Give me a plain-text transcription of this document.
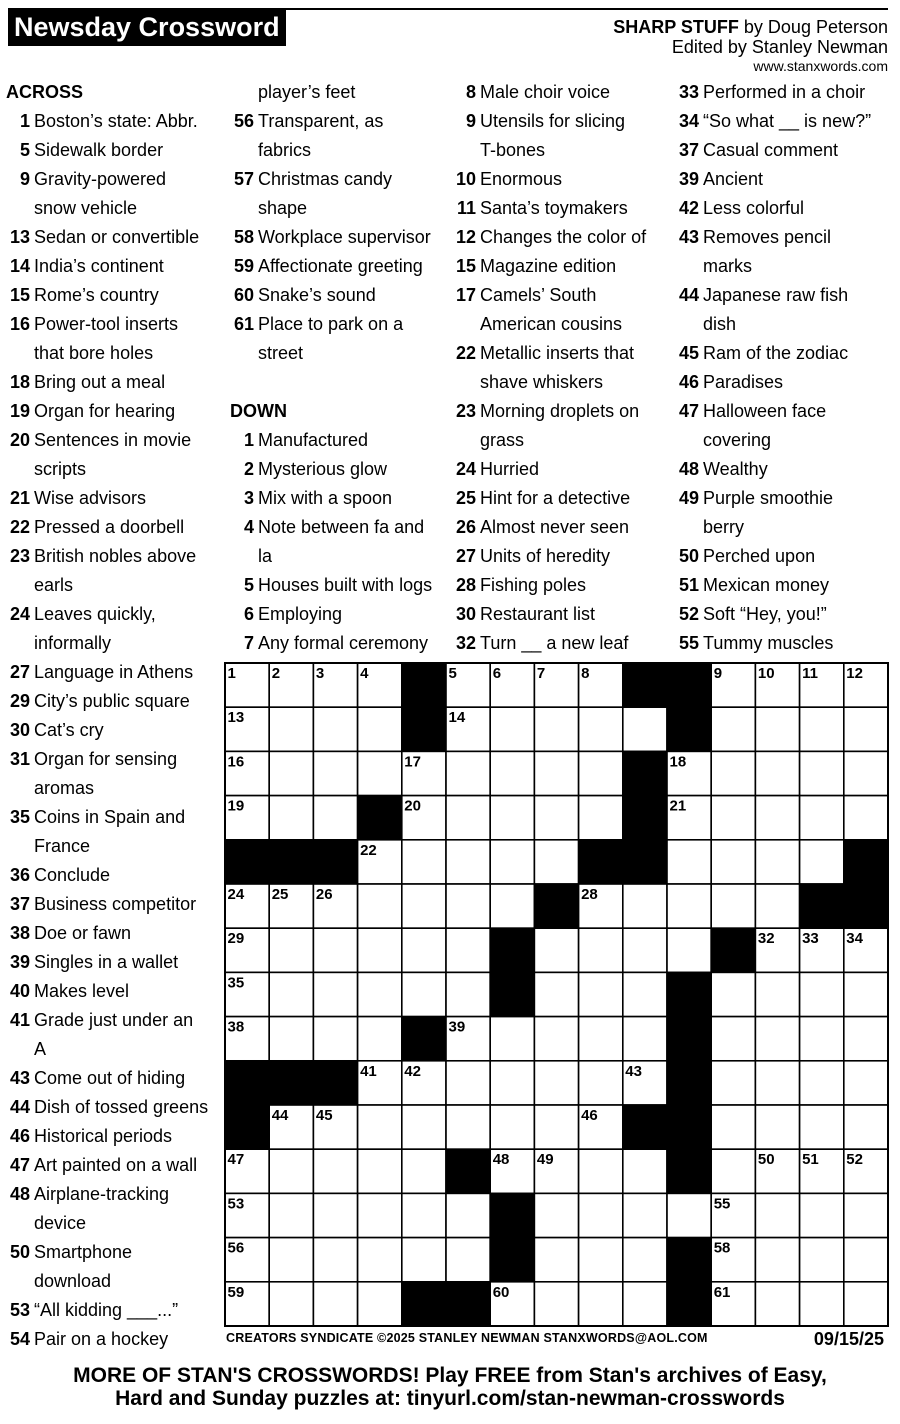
Newsday Crossword	SHARP STUFF by Doug Peterson
Edited by Stanley Newman
www.stanxwords.com
ACROSS
1 Boston’s state: Abbr.
5 Sidewalk border
9 Gravity-powered
snow vehicle
13 Sedan or convertible
14 India’s continent
15 Rome’s country
16 Power-tool inserts
that bore holes
18 Bring out a meal
19 Organ for hearing
20 Sentences in movie
scripts
21 Wise advisors
22 Pressed a doorbell
23 British nobles above
earls
24 Leaves quickly,
informally
27 Language in Athens
29 City’s public square
30 Cat’s cry
31 Organ for sensing
aromas
35 Coins in Spain and
France
36 Conclude
37 Business competitor
38 Doe or fawn
39 Singles in a wallet
40 Makes level
41 Grade just under an
A
43 Come out of hiding
44 Dish of tossed greens
46 Historical periods
47 Art painted on a wall
48 Airplane-tracking
device
50 Smartphone
download
53 “All kidding ___...”
54 Pair on a hockey
player’s feet
56 Transparent, as
fabrics
57 Christmas candy
shape
58 Workplace supervisor
59 Affectionate greeting
60 Snake’s sound
61 Place to park on a
street
DOWN
1 Manufactured
2 Mysterious glow
3 Mix with a spoon
4 Note between fa and
la
5 Houses built with logs
6 Employing
7 Any formal ceremony
8 Male choir voice
9 Utensils for slicing
T-bones
10 Enormous
11 Santa’s toymakers
12 Changes the color of
15 Magazine edition
17 Camels’ South
American cousins
22 Metallic inserts that
shave whiskers
23 Morning droplets on
grass
24 Hurried
25 Hint for a detective
26 Almost never seen
27 Units of heredity
28 Fishing poles
30 Restaurant list
32 Turn __ a new leaf
33 Performed in a choir
34 “So what __ is new?”
37 Casual comment
39 Ancient
42 Less colorful
43 Removes pencil
marks
44 Japanese raw fish
dish
45 Ram of the zodiac
46 Paradises
47 Halloween face
covering
48 Wealthy
49 Purple smoothie
berry
50 Perched upon
51 Mexican money
52 Soft “Hey, you!”
55 Tummy muscles
1 2 3 4	5 6 7 8	9 10 11 12
13	14	15
16	17	18
19	20	21
22	23
24 25 26	27 28
29	30	31 32 33 34
35	36	37
38	39	40
41 42	43
44 45	46
47	48 49	50 51 52
53	54	55
56	57	58
59	60	61
CREATORS SYNDICATE ©2025 STANLEY NEWMAN STANXWORDS@AOL.COM	09/15/25
MORE OF STAN'S CROSSWORDS! Play FREE from Stan's archives of Easy,
Hard and Sunday puzzles at: tinyurl.com/stan-newman-crosswords
